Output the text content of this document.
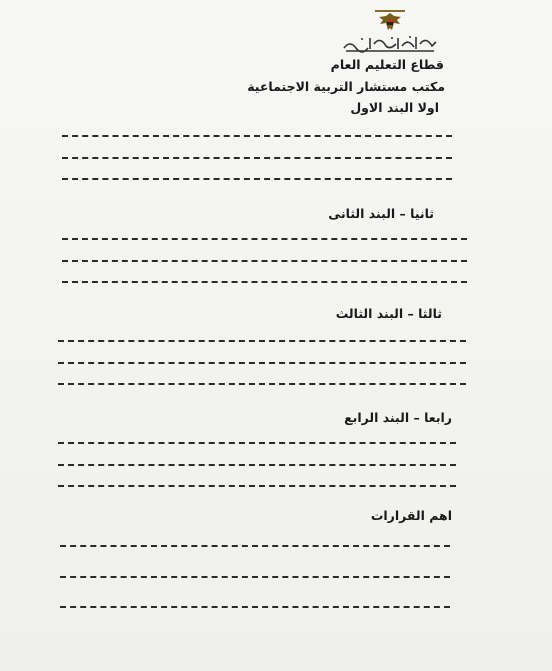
قطاع التعليم العام
مكتب مستشار التربية الاجتماعية
اولا البند الاول
ثانيا – البند الثانى
ثالثا – البند الثالث
رابعا – البند الرابع
اهم القرارات
